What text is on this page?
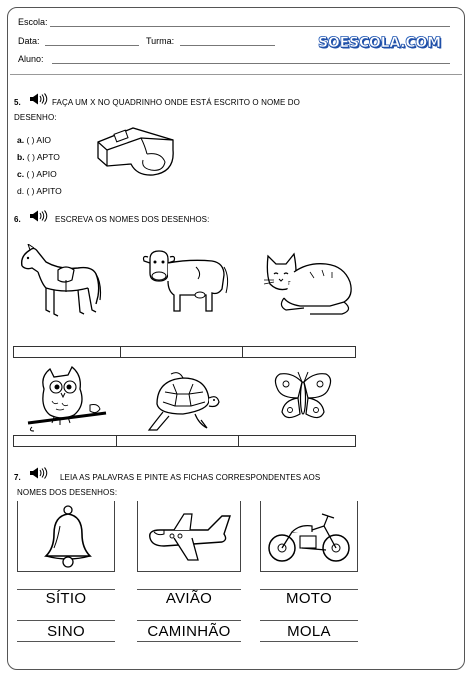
Escola:
Data:	Turma:	SOESCOLA.COM
Aluno:
5.	FAÇA UM X NO QUADRINHO ONDE ESTÁ ESCRITO O NOME DO
DESENHO:
a. ( ) AIO
b. ( ) APTO
c. ( ) APIO
d. ( ) APITO
6.	ESCREVA OS NOMES DOS DESENHOS:
7.	LEIA AS PALAVRAS E PINTE AS FICHAS CORRESPONDENTES AOS
NOMES DOS DESENHOS:
SÍTIO	AVIÃO	MOTO
SINO	CAMINHÃO	MOLA
